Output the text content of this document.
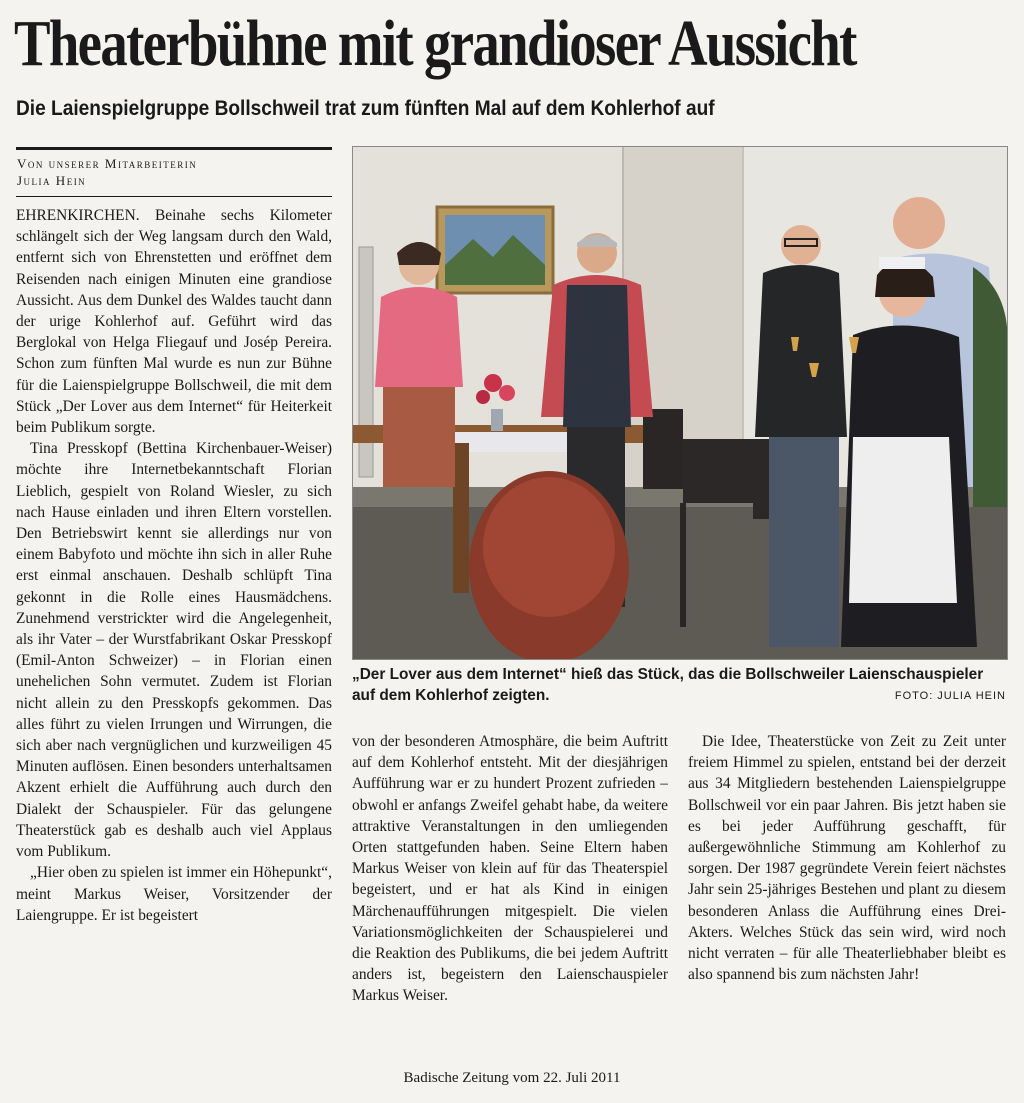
Theaterbühne mit grandioser Aussicht
Die Laienspielgruppe Bollschweil trat zum fünften Mal auf dem Kohlerhof auf
Von unserer Mitarbeiterin
Julia Hein

EHRENKIRCHEN. Beinahe sechs Kilometer schlängelt sich der Weg langsam durch den Wald, entfernt sich von Ehrenstetten und eröffnet dem Reisenden nach einigen Minuten eine grandiose Aussicht. Aus dem Dunkel des Waldes taucht dann der urige Kohlerhof auf. Geführt wird das Berglokal von Helga Fliegauf und Josép Pereira. Schon zum fünften Mal wurde es nun zur Bühne für die Laienspielgruppe Bollschweil, die mit dem Stück „Der Lover aus dem Internet“ für Heiterkeit beim Publikum sorgte.

Tina Presskopf (Bettina Kirchenbauer-Weiser) möchte ihre Internetbekanntschaft Florian Lieblich, gespielt von Roland Wiesler, zu sich nach Hause einladen und ihren Eltern vorstellen. Den Betriebswirt kennt sie allerdings nur von einem Babyfoto und möchte ihn sich in aller Ruhe erst einmal anschauen. Deshalb schlüpft Tina gekonnt in die Rolle eines Hausmädchens. Zunehmend verstrickter wird die Angelegenheit, als ihr Vater – der Wurstfabrikant Oskar Presskopf (Emil-Anton Schweizer) – in Florian einen unehelichen Sohn vermutet. Zudem ist Florian nicht allein zu den Presskopfs gekommen. Das alles führt zu vielen Irrungen und Wirrungen, die sich aber nach vergnüglichen und kurzweiligen 45 Minuten auflösen. Einen besonders unterhaltsamen Akzent erhielt die Aufführung auch durch den Dialekt der Schauspieler. Für das gelungene Theaterstück gab es deshalb auch viel Applaus vom Publikum.

„Hier oben zu spielen ist immer ein Höhepunkt“, meint Markus Weiser, Vorsitzender der Laiengruppe. Er ist begeistert

„Der Lover aus dem Internet“ hieß das Stück, das die Bollschweiler Laienschauspieler auf dem Kohlerhof zeigten.	FOTO: JULIA HEIN

von der besonderen Atmosphäre, die beim Auftritt auf dem Kohlerhof entsteht. Mit der diesjährigen Aufführung war er zu hundert Prozent zufrieden – obwohl er anfangs Zweifel gehabt habe, da weitere attraktive Veranstaltungen in den umliegenden Orten stattgefunden haben. Seine Eltern haben Markus Weiser von klein auf für das Theaterspiel begeistert, und er hat als Kind in einigen Märchenaufführungen mitgespielt. Die vielen Variationsmöglichkeiten der Schauspielerei und die Reaktion des Publikums, die bei jedem Auftritt anders ist, begeistern den Laienschauspieler Markus Weiser.

Die Idee, Theaterstücke von Zeit zu Zeit unter freiem Himmel zu spielen, entstand bei der derzeit aus 34 Mitgliedern bestehenden Laienspielgruppe Bollschweil vor ein paar Jahren. Bis jetzt haben sie es bei jeder Aufführung geschafft, für außergewöhnliche Stimmung am Kohlerhof zu sorgen. Der 1987 gegründete Verein feiert nächstes Jahr sein 25-jähriges Bestehen und plant zu diesem besonderen Anlass die Aufführung eines Drei-Akters. Welches Stück das sein wird, wird noch nicht verraten – für alle Theaterliebhaber bleibt es also spannend bis zum nächsten Jahr!

Badische Zeitung vom 22. Juli 2011
